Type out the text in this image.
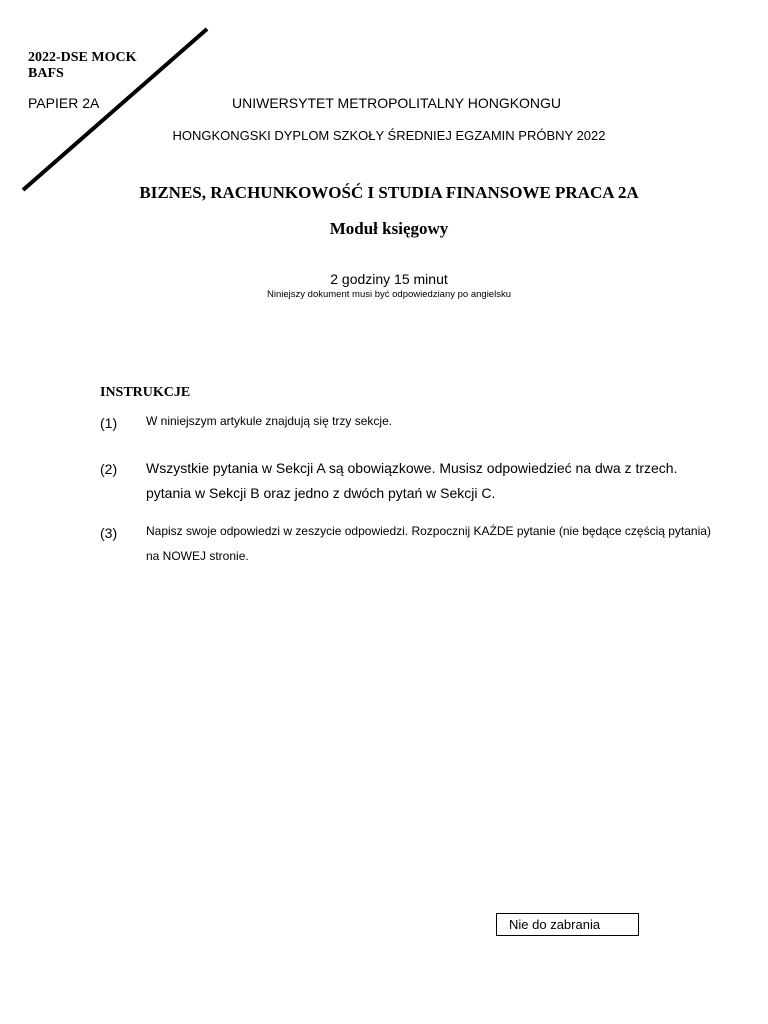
2022-DSE MOCK
BAFS
PAPIER 2A	UNIWERSYTET METROPOLITALNY HONGKONGU
HONGKONGSKI DYPLOM SZKOŁY ŚREDNIEJ EGZAMIN PRÓBNY 2022
BIZNES, RACHUNKOWOŚĆ I STUDIA FINANSOWE PRACA 2A
Moduł księgowy
2 godziny 15 minut
Niniejszy dokument musi być odpowiedziany po angielsku
INSTRUKCJE
(1) W niniejszym artykule znajdują się trzy sekcje.
(2) Wszystkie pytania w Sekcji A są obowiązkowe. Musisz odpowiedzieć na dwa z trzech.
pytania w Sekcji B oraz jedno z dwóch pytań w Sekcji C.
(3) Napisz swoje odpowiedzi w zeszycie odpowiedzi. Rozpocznij KAŻDE pytanie (nie będące częścią pytania)
na NOWEJ stronie.
Nie do zabrania
